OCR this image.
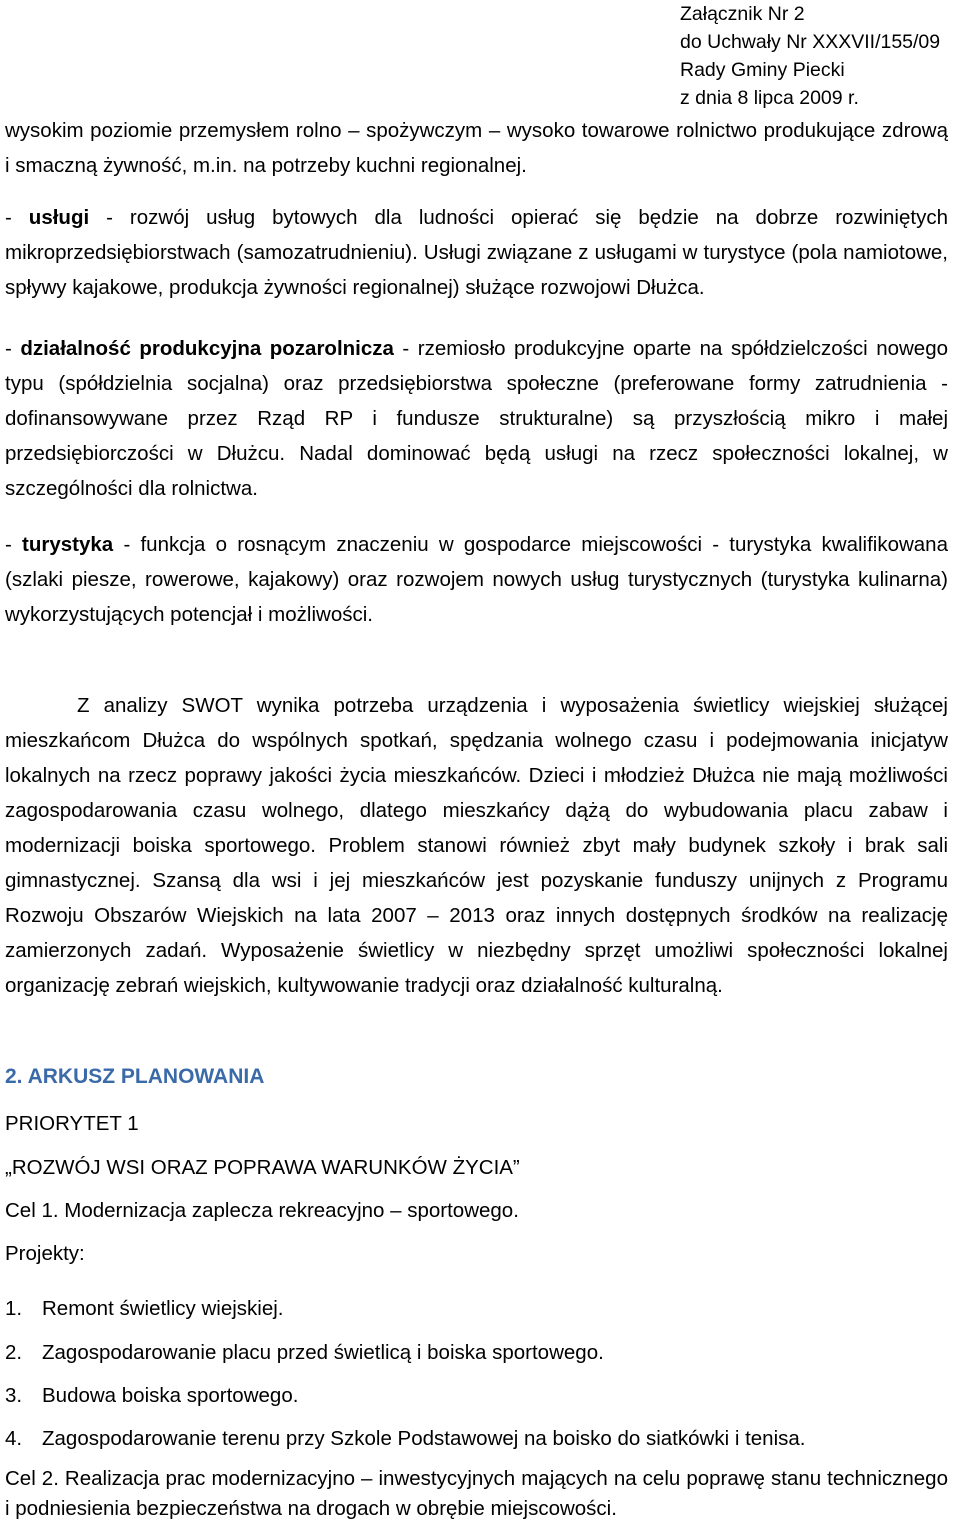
Załącznik Nr 2
do Uchwały Nr XXXVII/155/09
Rady Gminy Piecki
z dnia 8 lipca 2009 r.
wysokim poziomie przemysłem rolno – spożywczym – wysoko towarowe rolnictwo produkujące zdrową i smaczną żywność, m.in. na potrzeby kuchni regionalnej.
- usługi - rozwój usług bytowych dla ludności opierać się będzie na dobrze rozwiniętych mikroprzedsiębiorstwach (samozatrudnieniu). Usługi związane z usługami w turystyce (pola namiotowe, spływy kajakowe, produkcja żywności regionalnej) służące rozwojowi Dłużca.
- działalność produkcyjna pozarolnicza - rzemiosło produkcyjne oparte na spółdzielczości nowego typu (spółdzielnia socjalna) oraz przedsiębiorstwa społeczne (preferowane formy zatrudnienia - dofinansowywane przez Rząd RP i fundusze strukturalne) są przyszłością mikro i małej przedsiębiorczości w Dłużcu. Nadal dominować będą usługi na rzecz społeczności lokalnej, w szczególności dla rolnictwa.
- turystyka - funkcja o rosnącym znaczeniu w gospodarce miejscowości - turystyka kwalifikowana (szlaki piesze, rowerowe, kajakowy) oraz rozwojem nowych usług turystycznych (turystyka kulinarna) wykorzystujących potencjał i możliwości.
Z analizy SWOT wynika potrzeba urządzenia i wyposażenia świetlicy wiejskiej służącej mieszkańcom Dłużca do wspólnych spotkań, spędzania wolnego czasu i podejmowania inicjatyw lokalnych na rzecz poprawy jakości życia mieszkańców. Dzieci i młodzież Dłużca nie mają możliwości zagospodarowania czasu wolnego, dlatego mieszkańcy dążą do wybudowania placu zabaw i modernizacji boiska sportowego. Problem stanowi również zbyt mały budynek szkoły i brak sali gimnastycznej. Szansą dla wsi i jej mieszkańców jest pozyskanie funduszy unijnych z Programu Rozwoju Obszarów Wiejskich na lata 2007 – 2013 oraz innych dostępnych środków na realizację zamierzonych zadań. Wyposażenie świetlicy w niezbędny sprzęt umożliwi społeczności lokalnej organizację zebrań wiejskich, kultywowanie tradycji oraz działalność kulturalną.
2. ARKUSZ PLANOWANIA
PRIORYTET 1
„ROZWÓJ WSI ORAZ POPRAWA WARUNKÓW ŻYCIA”
Cel 1. Modernizacja zaplecza rekreacyjno – sportowego.
Projekty:
1. Remont świetlicy wiejskiej.
2. Zagospodarowanie placu przed świetlicą i boiska sportowego.
3. Budowa boiska sportowego.
4. Zagospodarowanie terenu przy Szkole Podstawowej na boisko do siatkówki i tenisa.
Cel 2. Realizacja prac modernizacyjno – inwestycyjnych mających na celu poprawę stanu technicznego i podniesienia bezpieczeństwa na drogach w obrębie miejscowości.
